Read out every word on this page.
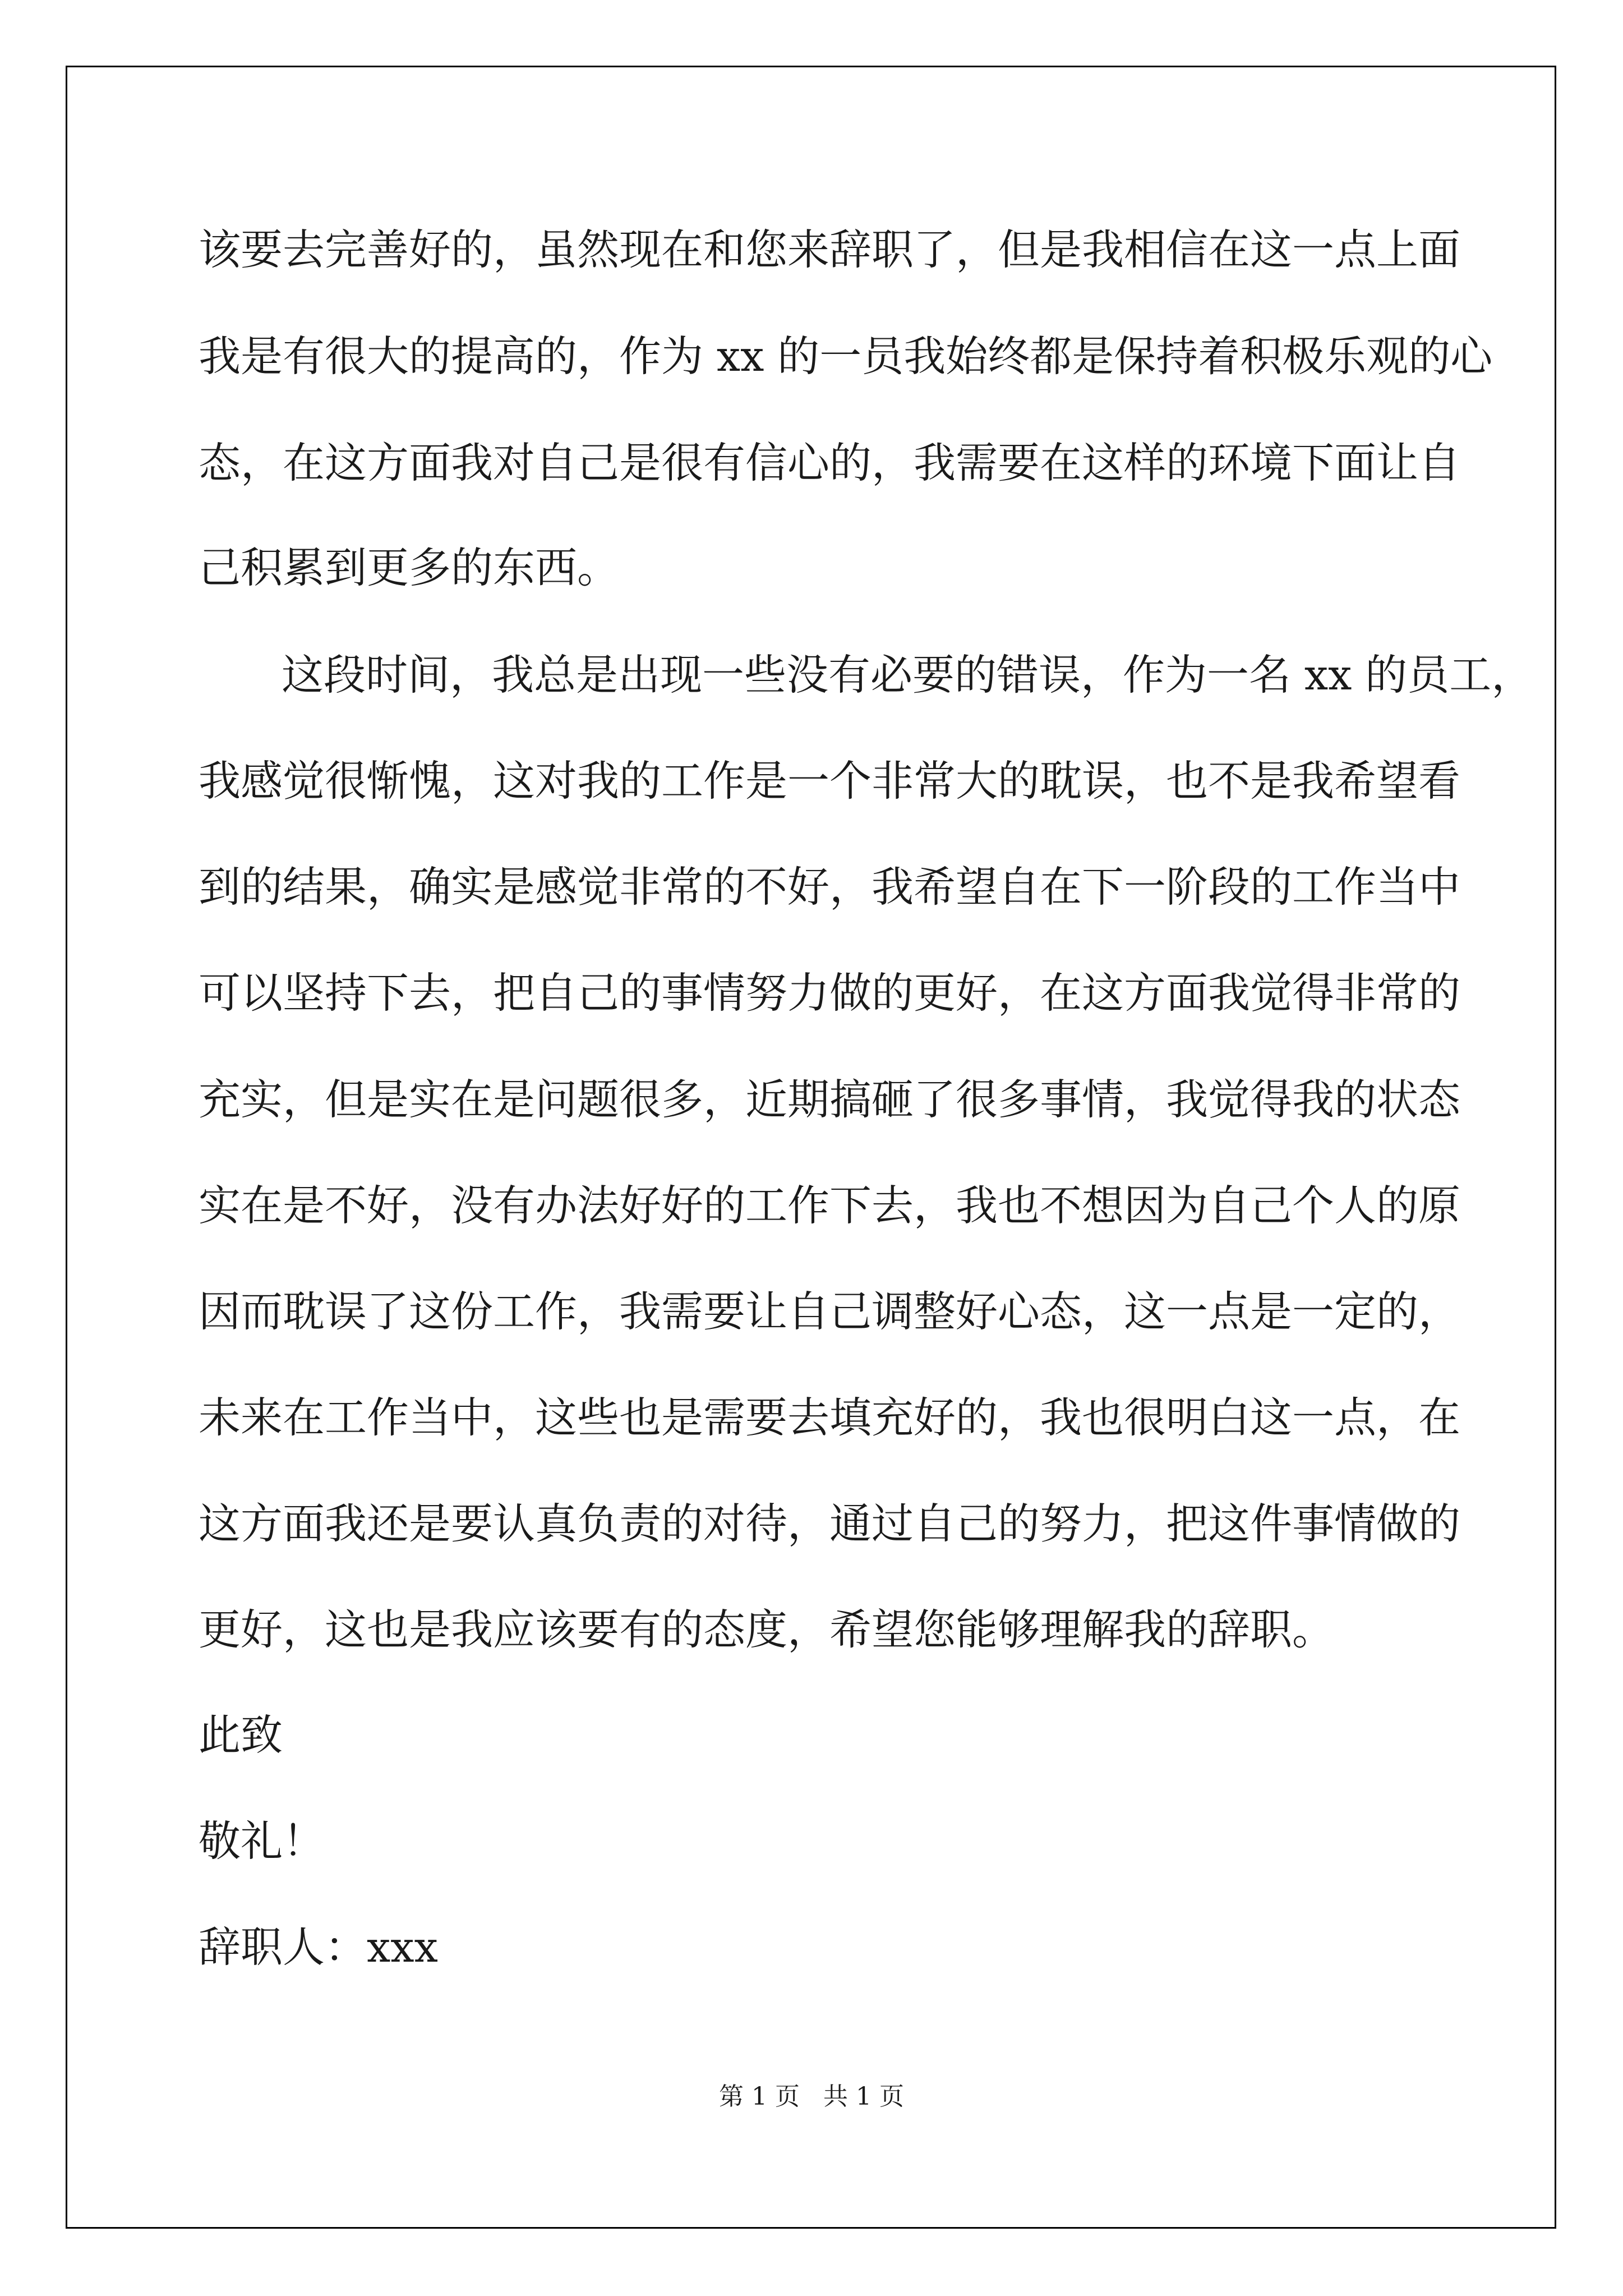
该要去完善好的，虽然现在和您来辞职了，但是我相信在这一点上面
我是有很大的提高的，作为 xx 的一员我始终都是保持着积极乐观的心
态，在这方面我对自己是很有信心的，我需要在这样的环境下面让自
己积累到更多的东西。
这段时间，我总是出现一些没有必要的错误，作为一名 xx 的员工，
我感觉很惭愧，这对我的工作是一个非常大的耽误，也不是我希望看
到的结果，确实是感觉非常的不好，我希望自在下一阶段的工作当中
可以坚持下去，把自己的事情努力做的更好，在这方面我觉得非常的
充实，但是实在是问题很多，近期搞砸了很多事情，我觉得我的状态
实在是不好，没有办法好好的工作下去，我也不想因为自己个人的原
因而耽误了这份工作，我需要让自己调整好心态，这一点是一定的，
未来在工作当中，这些也是需要去填充好的，我也很明白这一点，在
这方面我还是要认真负责的对待，通过自己的努力，把这件事情做的
更好，这也是我应该要有的态度，希望您能够理解我的辞职。
此致
敬礼！
辞职人：xxx
第 1 页   共 1 页
